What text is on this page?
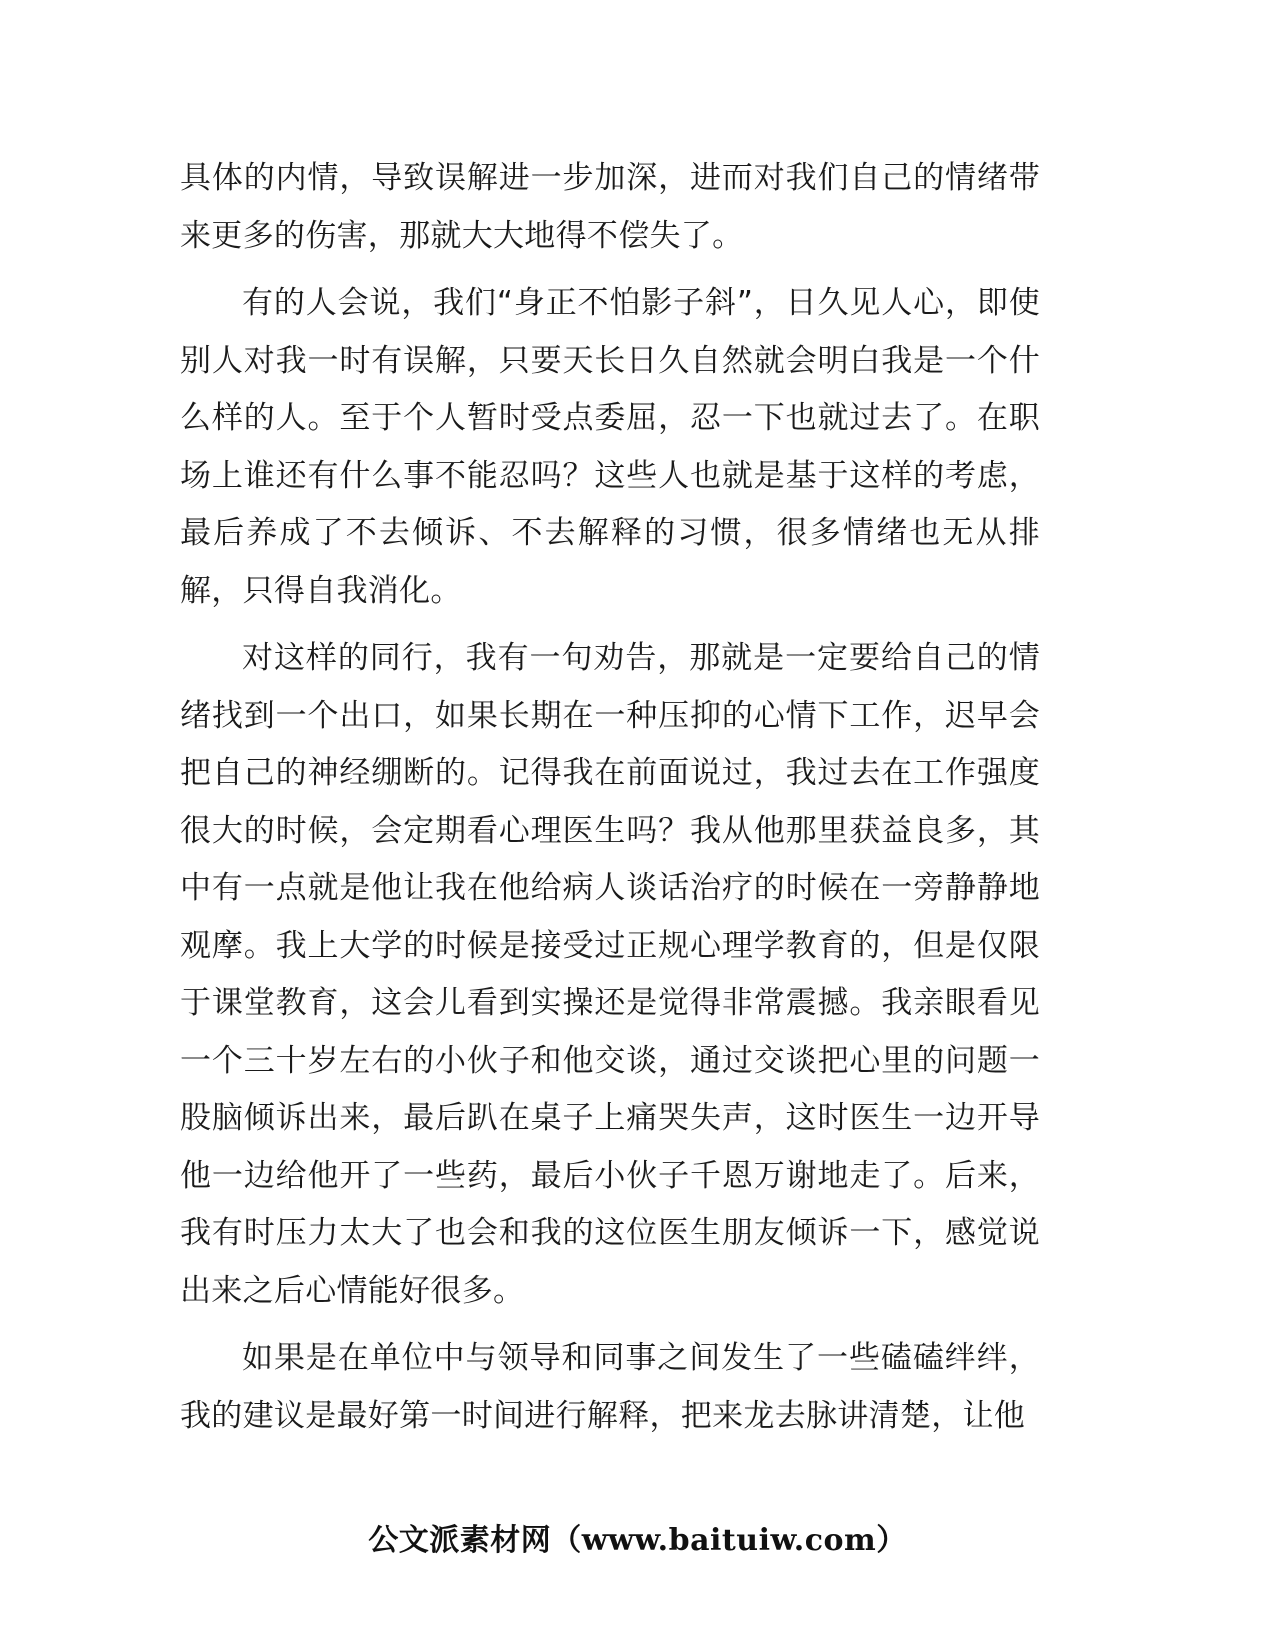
具体的内情，导致误解进一步加深，进而对我们自己的情绪带来更多的伤害，那就大大地得不偿失了。

有的人会说，我们“身正不怕影子斜”，日久见人心，即使别人对我一时有误解，只要天长日久自然就会明白我是一个什么样的人。至于个人暂时受点委屈，忍一下也就过去了。在职场上谁还有什么事不能忍吗？这些人也就是基于这样的考虑，最后养成了不去倾诉、不去解释的习惯，很多情绪也无从排解，只得自我消化。

对这样的同行，我有一句劝告，那就是一定要给自己的情绪找到一个出口，如果长期在一种压抑的心情下工作，迟早会把自己的神经绷断的。记得我在前面说过，我过去在工作强度很大的时候，会定期看心理医生吗？我从他那里获益良多，其中有一点就是他让我在他给病人谈话治疗的时候在一旁静静地观摩。我上大学的时候是接受过正规心理学教育的，但是仅限于课堂教育，这会儿看到实操还是觉得非常震撼。我亲眼看见一个三十岁左右的小伙子和他交谈，通过交谈把心里的问题一股脑倾诉出来，最后趴在桌子上痛哭失声，这时医生一边开导他一边给他开了一些药，最后小伙子千恩万谢地走了。后来，我有时压力太大了也会和我的这位医生朋友倾诉一下，感觉说出来之后心情能好很多。

如果是在单位中与领导和同事之间发生了一些磕磕绊绊，我的建议是最好第一时间进行解释，把来龙去脉讲清楚，让他

公文派素材网（www.baituiw.com）
